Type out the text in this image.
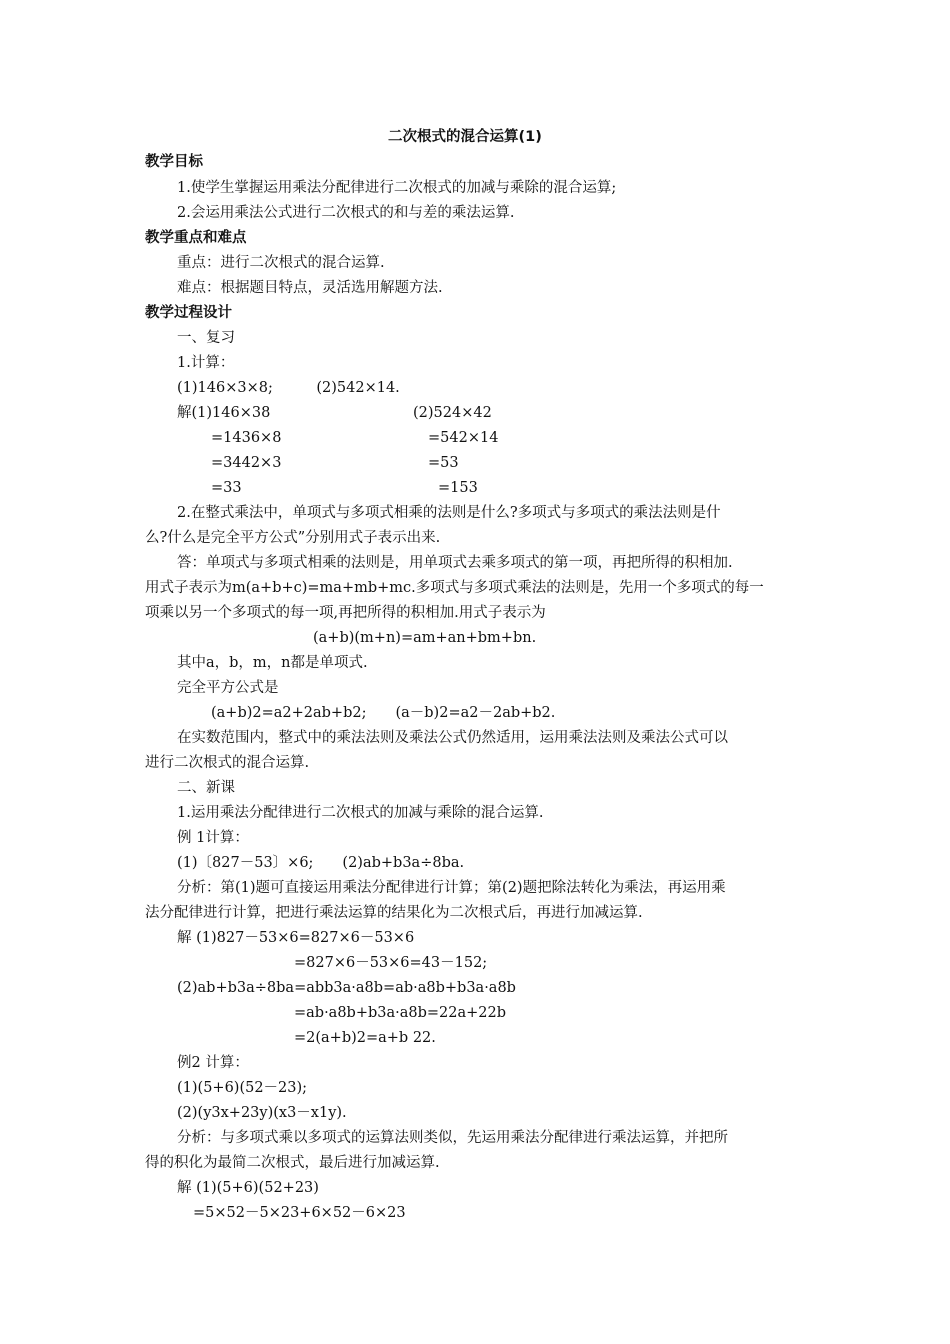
二次根式的混合运算(1)
教学目标
1.使学生掌握运用乘法分配律进行二次根式的加减与乘除的混合运算;
2.会运用乘法公式进行二次根式的和与差的乘法运算.
教学重点和难点
重点：进行二次根式的混合运算.
难点：根据题目特点，灵活选用解题方法.
教学过程设计
一、复习
1.计算：
(1)146×3×8;　　　(2)542×14.
解(1)146×38
=1436×8
=3442×3
=33
(2)524×42
=542×14
=53
=153
2.在整式乘法中，单项式与多项式相乘的法则是什么?多项式与多项式的乘法法则是什
么?什么是完全平方公式”分别用式子表示出来.
答：单项式与多项式相乘的法则是，用单项式去乘多项式的第一项，再把所得的积相加.
用式子表示为m(a+b+c)=ma+mb+mc.多项式与多项式乘法的法则是，先用一个多项式的每一
项乘以另一个多项式的每一项,再把所得的积相加.用式子表示为
(a+b)(m+n)=am+an+bm+bn.
其中a，b，m，n都是单项式.
完全平方公式是
(a+b)2=a2+2ab+b2;　　(a－b)2=a2－2ab+b2.
在实数范围内，整式中的乘法法则及乘法公式仍然适用，运用乘法法则及乘法公式可以
进行二次根式的混合运算.
二、新课
1.运用乘法分配律进行二次根式的加减与乘除的混合运算.
例 1计算：
(1)〔827－53〕×6;　　(2)ab+b3a÷8ba.
分析：第(1)题可直接运用乘法分配律进行计算；第(2)题把除法转化为乘法，再运用乘
法分配律进行计算，把进行乘法运算的结果化为二次根式后，再进行加减运算.
解 (1)827－53×6=827×6－53×6
=827×6－53×6=43－152;
(2)ab+b3a÷8ba=abb3a·a8b=ab·a8b+b3a·a8b
=ab·a8b+b3a·a8b=22a+22b
=2(a+b)2=a+b 22.
例2 计算：
(1)(5+6)(52－23);
(2)(y3x+23y)(x3－x1y).
分析：与多项式乘以多项式的运算法则类似，先运用乘法分配律进行乘法运算，并把所
得的积化为最简二次根式，最后进行加减运算.
解 (1)(5+6)(52+23)
=5×52－5×23+6×52－6×23
